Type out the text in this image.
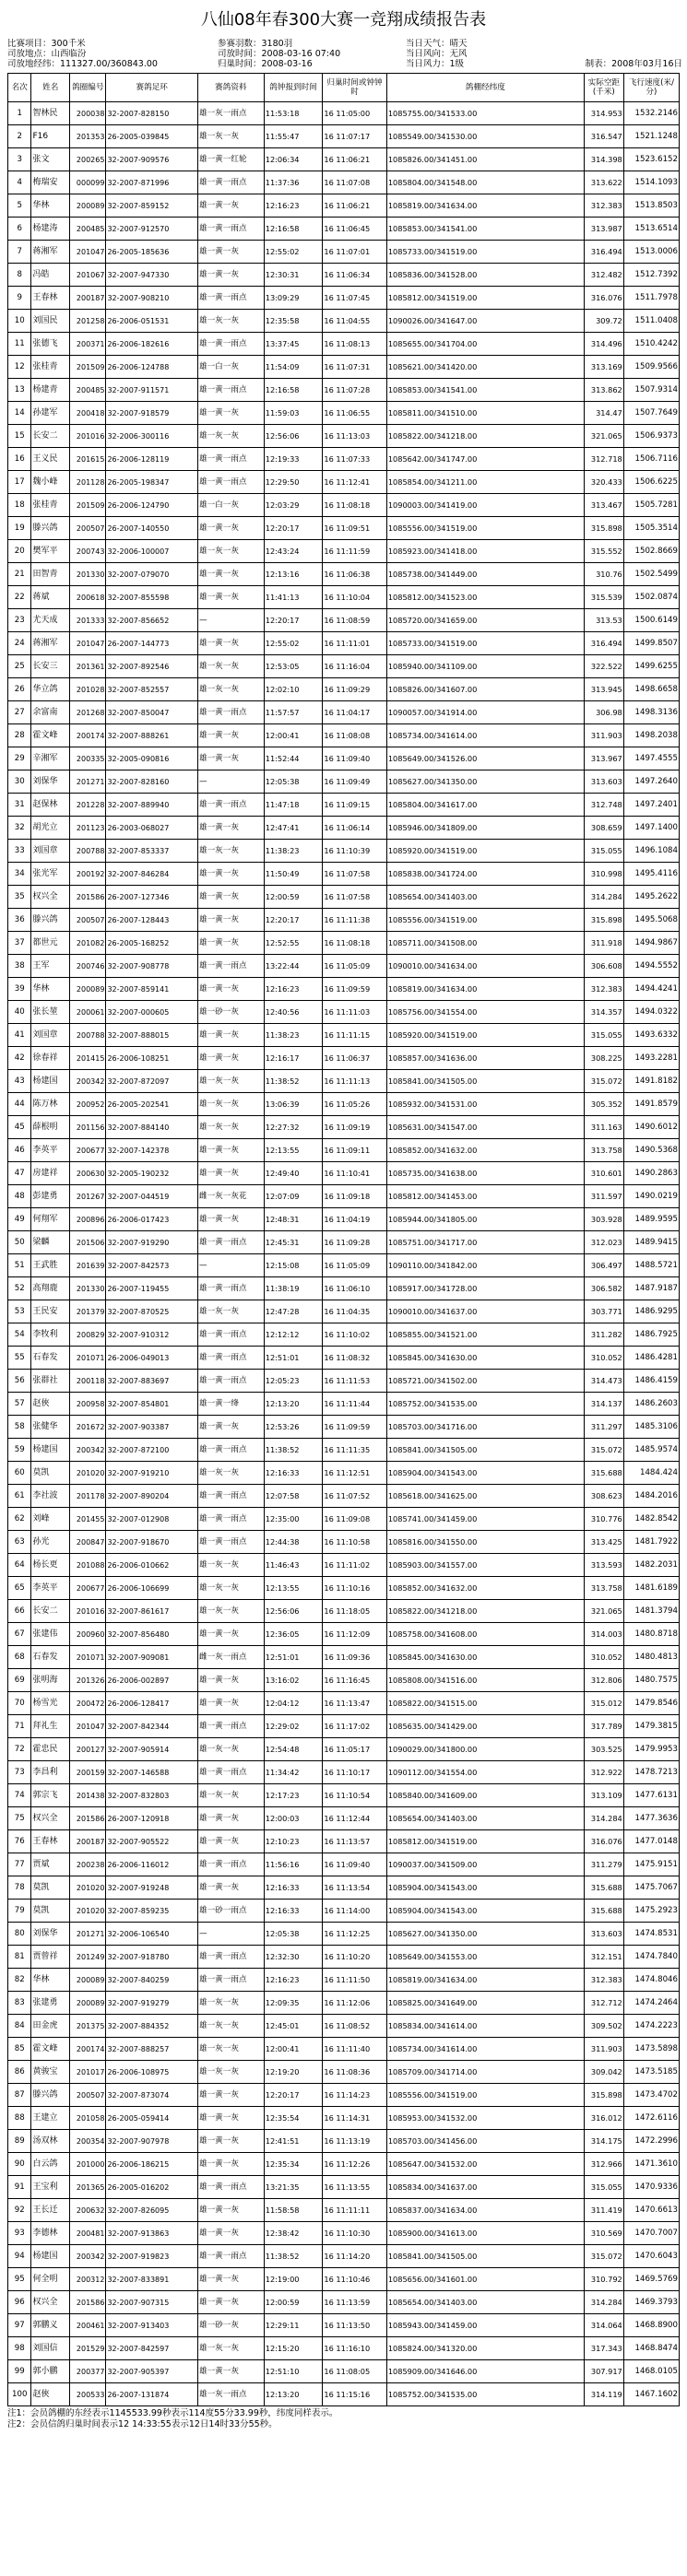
八仙08年春300大赛一竞翔成绩报告表
比赛项目：300千米	参赛羽数：3180羽	当日天气：晴天
司放地点：山西临汾	司放时间：2008-03-16 07:40	当日风向：无风
司放地经纬：111327.00/360843.00	归巢时间：2008-03-16	当日风力：1级	制表：2008年03月16日
名次	姓名	鸽圈编号	赛鸽足环	赛鸽资料	鸽钟报到时间	归巢时间或钟钟时	鸽棚经纬度	实际空距(千米)	飞行速度(米/分)
1	智林民	200038	32-2007-828150	雄一灰一雨点	11:53:18	16 11:05:00	1085755.00/341533.00	314.953	1532.2146
2	F16	201353	26-2005-039845	雄一灰一灰	11:55:47	16 11:07:17	1085549.00/341530.00	316.547	1521.1248
3	张文	200265	32-2007-909576	雄一黄一红轮	12:06:34	16 11:06:21	1085826.00/341451.00	314.398	1523.6152
4	梅瑞安	000099	32-2007-871996	雄一黄一雨点	11:37:36	16 11:07:08	1085804.00/341548.00	313.622	1514.1093
5	华林	200089	32-2007-859152	雄一黄一灰	12:16:23	16 11:06:21	1085819.00/341634.00	312.383	1513.8503
6	杨建涛	200485	32-2007-912570	雄一黄一雨点	12:16:58	16 11:06:45	1085853.00/341541.00	313.987	1513.6514
7	蒋湘军	201047	26-2005-185636	雄一黄一灰	12:55:02	16 11:07:01	1085733.00/341519.00	316.494	1513.0006
8	冯皓	201067	32-2007-947330	雄一黄一灰	12:30:31	16 11:06:34	1085836.00/341528.00	312.482	1512.7392
9	王春林	200187	32-2007-908210	雄一黄一雨点	13:09:29	16 11:07:45	1085812.00/341519.00	316.076	1511.7978
10	刘国民	201258	26-2006-051531	雄一灰一灰	12:35:58	16 11:04:55	1090026.00/341647.00	309.72	1511.0408
11	张德飞	200371	26-2006-182616	雄一黄一雨点	13:37:45	16 11:08:13	1085655.00/341704.00	314.496	1510.4242
12	张桂青	201509	26-2006-124788	雄一白一灰	11:54:09	16 11:07:31	1085621.00/341420.00	313.169	1509.9566
13	杨建青	200485	32-2007-911571	雄一黄一雨点	12:16:58	16 11:07:28	1085853.00/341541.00	313.862	1507.9314
14	孙建军	200418	32-2007-918579	雄一黄一灰	11:59:03	16 11:06:55	1085811.00/341510.00	314.47	1507.7649
15	长安二	201016	32-2006-300116	雄一灰一灰	12:56:06	16 11:13:03	1085822.00/341218.00	321.065	1506.9373
16	王义民	201615	26-2006-128119	雄一黄一雨点	12:19:33	16 11:07:33	1085642.00/341747.00	312.718	1506.7116
17	魏小峰	201128	26-2005-198347	雄一黄一雨点	12:29:50	16 11:12:41	1085854.00/341211.00	320.433	1506.6225
18	张桂青	201509	26-2006-124790	雄一白一灰	12:03:29	16 11:08:18	1090003.00/341419.00	313.467	1505.7281
19	滕兴鸽	200507	26-2007-140550	雄一黄一灰	12:20:17	16 11:09:51	1085556.00/341519.00	315.898	1505.3514
20	樊军平	200743	32-2006-100007	雄一灰一灰	12:43:24	16 11:11:59	1085923.00/341418.00	315.552	1502.8669
21	田智青	201330	32-2007-079070	雄一黄一灰	12:13:16	16 11:06:38	1085738.00/341449.00	310.76	1502.5499
22	蒋斌	200618	32-2007-855598	雄一黄一灰	11:41:13	16 11:10:04	1085812.00/341523.00	315.539	1502.0874
23	尤天成	201333	32-2007-856652	—	12:20:17	16 11:08:59	1085720.00/341659.00	313.53	1500.6149
24	蒋湘军	201047	26-2007-144773	雄一黄一灰	12:55:02	16 11:11:01	1085733.00/341519.00	316.494	1499.8507
25	长安三	201361	32-2007-892546	雄一灰一灰	12:53:05	16 11:16:04	1085940.00/341109.00	322.522	1499.6255
26	华立鸽	201028	32-2007-852557	雄一灰一灰	12:02:10	16 11:09:29	1085826.00/341607.00	313.945	1498.6658
27	余富南	201268	32-2007-850047	雄一黄一雨点	11:57:57	16 11:04:17	1090057.00/341914.00	306.98	1498.3136
28	霍文峰	200174	32-2007-888261	雄一黄一灰	12:00:41	16 11:08:08	1085734.00/341614.00	311.903	1498.2038
29	辛湘军	200335	32-2005-090816	雄一黄一灰	11:52:44	16 11:09:40	1085649.00/341526.00	313.967	1497.4555
30	刘保华	201271	32-2007-828160	—	12:05:38	16 11:09:49	1085627.00/341350.00	313.603	1497.2640
31	赵保林	201228	32-2007-889940	雄一黄一雨点	11:47:18	16 11:09:15	1085804.00/341617.00	312.748	1497.2401
32	胡光立	201123	26-2003-068027	雄一黄一灰	12:47:41	16 11:06:14	1085946.00/341809.00	308.659	1497.1400
33	刘国章	200788	32-2007-853337	雄一灰一灰	11:38:23	16 11:10:39	1085920.00/341519.00	315.055	1496.1084
34	张光军	200192	32-2007-846284	雄一黄一灰	11:50:49	16 11:07:58	1085838.00/341724.00	310.998	1495.4116
35	权兴全	201586	26-2007-127346	雄一黄一灰	12:00:59	16 11:07:58	1085654.00/341403.00	314.284	1495.2622
36	滕兴鸽	200507	26-2007-128443	雄一黄一灰	12:20:17	16 11:11:38	1085556.00/341519.00	315.898	1495.5068
37	都世元	201082	26-2005-168252	雄一黄一灰	12:52:55	16 11:08:18	1085711.00/341508.00	311.918	1494.9867
38	王军	200746	32-2007-908778	雄一黄一雨点	13:22:44	16 11:05:09	1090010.00/341634.00	306.608	1494.5552
39	华林	200089	32-2007-859141	雄一黄一灰	12:16:23	16 11:09:59	1085819.00/341634.00	312.383	1494.4241
40	张长堃	200061	32-2007-000605	雄一砂一灰	12:40:56	16 11:11:03	1085756.00/341554.00	314.357	1494.0322
41	刘国章	200788	32-2007-888015	雄一黄一灰	11:38:23	16 11:11:15	1085920.00/341519.00	315.055	1493.6332
42	徐春祥	201415	26-2006-108251	雄一黄一灰	12:16:17	16 11:06:37	1085857.00/341636.00	308.225	1493.2281
43	杨建国	200342	32-2007-872097	雄一灰一灰	11:38:52	16 11:11:13	1085841.00/341505.00	315.072	1491.8182
44	陈万林	200952	26-2005-202541	雄一灰一灰	13:06:39	16 11:05:26	1085932.00/341531.00	305.352	1491.8579
45	薛根明	201156	32-2007-884140	雄一灰一灰	12:27:32	16 11:09:19	1085631.00/341547.00	311.163	1490.6012
46	李英平	200677	32-2007-142378	雄一黄一灰	12:13:55	16 11:09:11	1085852.00/341632.00	313.758	1490.5368
47	房建祥	200630	32-2005-190232	雄一黄一灰	12:49:40	16 11:10:41	1085735.00/341638.00	310.601	1490.2863
48	彭建勇	201267	32-2007-044519	雌一灰一灰花	12:07:09	16 11:09:18	1085812.00/341453.00	311.597	1490.0219
49	何翔军	200896	26-2006-017423	雄一黄一灰	12:48:31	16 11:04:19	1085944.00/341805.00	303.928	1489.9595
50	梁麟	201506	32-2007-919290	雄一黄一雨点	12:45:31	16 11:09:28	1085751.00/341717.00	312.023	1489.9415
51	王武胜	201639	32-2007-842573	—	12:15:08	16 11:05:09	1090110.00/341842.00	306.497	1488.5721
52	高翔鹿	201330	26-2007-119455	雄一黄一雨点	11:38:19	16 11:06:10	1085917.00/341728.00	306.582	1487.9187
53	王民安	201379	32-2007-870525	雄一灰一灰	12:47:28	16 11:04:35	1090010.00/341637.00	303.771	1486.9295
54	李牧利	200829	32-2007-910312	雄一黄一雨点	12:12:12	16 11:10:02	1085855.00/341521.00	311.282	1486.7925
55	石春发	201071	26-2006-049013	雄一黄一雨点	12:51:01	16 11:08:32	1085845.00/341630.00	310.052	1486.4281
56	张群社	200118	32-2007-883697	雄一黄一雨点	12:05:23	16 11:11:53	1085721.00/341502.00	314.473	1486.4159
57	赵俠	200958	32-2007-854801	雄一黄一绛	12:13:20	16 11:11:44	1085752.00/341535.00	314.137	1486.2603
58	张健华	201672	32-2007-903387	雄一黄一灰	12:53:26	16 11:09:59	1085703.00/341716.00	311.297	1485.3106
59	杨建国	200342	32-2007-872100	雄一黄一雨点	11:38:52	16 11:11:35	1085841.00/341505.00	315.072	1485.9574
60	莫凯	201020	32-2007-919210	雄一灰一灰	12:16:33	16 11:12:51	1085904.00/341543.00	315.688	1484.424
61	李社波	201178	32-2007-890204	雄一黄一雨点	12:07:58	16 11:07:52	1085618.00/341625.00	308.623	1484.2016
62	刘峰	201455	32-2007-012908	雄一黄一雨点	12:35:00	16 11:09:08	1085741.00/341459.00	310.776	1482.8542
63	孙光	200847	32-2007-918670	雄一黄一雨点	12:44:38	16 11:10:58	1085816.00/341550.00	313.425	1481.7922
64	杨长更	201088	26-2006-010662	雄一灰一灰	11:46:43	16 11:11:02	1085903.00/341557.00	313.593	1482.2031
65	李英平	200677	26-2006-106699	雄一灰一灰	12:13:55	16 11:10:16	1085852.00/341632.00	313.758	1481.6189
66	长安二	201016	32-2007-861617	雄一灰一灰	12:56:06	16 11:18:05	1085822.00/341218.00	321.065	1481.3794
67	张建伟	200960	32-2007-856480	雄一黄一灰	12:36:05	16 11:12:09	1085758.00/341608.00	314.003	1480.8718
68	石春发	201071	32-2007-909081	雌一灰一雨点	12:51:01	16 11:09:36	1085845.00/341630.00	310.052	1480.4813
69	张明海	201326	26-2006-002897	雄一黄一灰	13:16:02	16 11:16:45	1085808.00/341516.00	312.806	1480.7575
70	杨雪光	200472	26-2006-128417	雄一黄一灰	12:04:12	16 11:13:47	1085822.00/341515.00	315.012	1479.8546
71	拜礼生	201047	32-2007-842344	雄一黄一雨点	12:29:02	16 11:17:02	1085635.00/341429.00	317.789	1479.3815
72	霍忠民	200127	32-2007-905914	雄一灰一灰	12:54:48	16 11:05:17	1090029.00/341800.00	303.525	1479.9953
73	李昌利	200159	32-2007-146588	雄一黄一雨点	11:34:42	16 11:10:17	1090112.00/341554.00	312.922	1478.7213
74	郭宗飞	201438	32-2007-832803	雄一灰一灰	12:17:23	16 11:10:54	1085840.00/341609.00	313.109	1477.6131
75	权兴全	201586	26-2007-120918	雄一黄一灰	12:00:03	16 11:12:44	1085654.00/341403.00	314.284	1477.3636
76	王春林	200187	32-2007-905522	雄一黄一灰	12:10:23	16 11:13:57	1085812.00/341519.00	316.076	1477.0148
77	贾斌	200238	26-2006-116012	雄一黄一雨点	11:56:16	16 11:09:40	1090037.00/341509.00	311.279	1475.9151
78	莫凯	201020	32-2007-919248	雄一黄一灰	12:16:33	16 11:13:54	1085904.00/341543.00	315.688	1475.7067
79	莫凯	201020	32-2007-859235	雄一砂一雨点	12:16:33	16 11:14:00	1085904.00/341543.00	315.688	1475.2923
80	刘保华	201271	32-2006-106540	—	12:05:38	16 11:12:25	1085627.00/341350.00	313.603	1474.8531
81	贾曾祥	201249	32-2007-918780	雄一黄一雨点	12:32:30	16 11:10:20	1085649.00/341553.00	312.151	1474.7840
82	华林	200089	32-2007-840259	雄一黄一雨点	12:16:23	16 11:11:50	1085819.00/341634.00	312.383	1474.8046
83	张建勇	200089	32-2007-919279	雄一灰一灰	12:09:35	16 11:12:06	1085825.00/341649.00	312.712	1474.2464
84	田金虎	201375	32-2007-884352	雄一灰一灰	12:45:01	16 11:08:52	1085834.00/341614.00	309.502	1474.2223
85	霍文峰	200174	32-2007-888257	雄一灰一灰	12:00:41	16 11:11:40	1085734.00/341614.00	311.903	1473.5898
86	黄骏宝	201017	26-2006-108975	雄一灰一灰	12:19:20	16 11:08:36	1085709.00/341714.00	309.042	1473.5185
87	滕兴鸽	200507	32-2007-873074	雄一黄一灰	12:20:17	16 11:14:23	1085556.00/341519.00	315.898	1473.4702
88	王建立	201058	26-2005-059414	雄一黄一灰	12:35:54	16 11:14:31	1085953.00/341532.00	316.012	1472.6116
89	汤双林	200354	32-2007-907978	雄一黄一灰	12:41:51	16 11:13:19	1085703.00/341456.00	314.175	1472.2996
90	白云鸽	201000	26-2006-186215	雄一黄一灰	12:35:34	16 11:12:26	1085647.00/341532.00	312.966	1471.3610
91	王宝利	201365	26-2005-016202	雄一黄一雨点	13:21:35	16 11:13:55	1085834.00/341637.00	315.055	1470.9336
92	王长迁	200632	32-2007-826095	雄一黄一灰	11:58:58	16 11:11:11	1085837.00/341634.00	311.419	1470.6613
93	李德林	200481	32-2007-913863	雄一黄一灰	12:38:42	16 11:10:30	1085900.00/341613.00	310.569	1470.7007
94	杨建国	200342	32-2007-919823	雄一黄一雨点	11:38:52	16 11:14:20	1085841.00/341505.00	315.072	1470.6043
95	何全明	200312	32-2007-833891	雄一黄一灰	12:19:00	16 11:10:46	1085656.00/341601.00	310.792	1469.5769
96	权兴全	201586	32-2007-907315	雄一黄一灰	12:00:59	16 11:13:59	1085654.00/341403.00	314.284	1469.3793
97	郭鹏义	200461	32-2007-913403	雄一砂一灰	12:29:11	16 11:13:50	1085943.00/341459.00	314.064	1468.8900
98	刘国信	201529	32-2007-842597	雄一灰一灰	12:15:20	16 11:16:10	1085824.00/341320.00	317.343	1468.8474
99	郭小鹏	200377	32-2007-905397	雄一黄一灰	12:51:10	16 11:08:05	1085909.00/341646.00	307.917	1468.0105
100	赵俠	200533	26-2007-131874	雄一灰一雨点	12:13:20	16 11:15:16	1085752.00/341535.00	314.119	1467.1602
注1：会员鸽棚的东经表示1145533.99秒表示114度55分33.99秒，纬度同样表示。
注2：会员信鸽归巢时间表示12 14:33:55表示12日14时33分55秒。
